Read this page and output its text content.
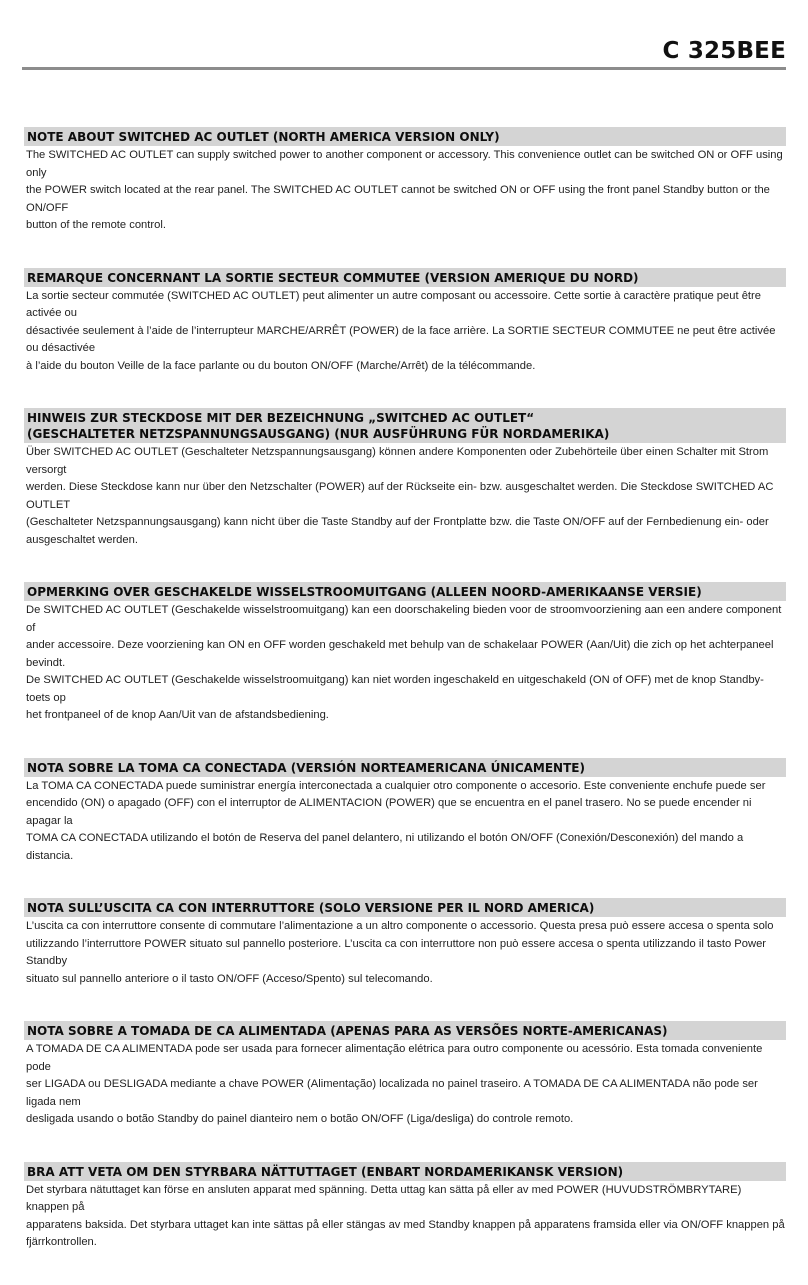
C 325BEE
NOTE ABOUT SWITCHED AC OUTLET (NORTH AMERICA VERSION ONLY)
The SWITCHED AC OUTLET can supply switched power to another component or accessory. This convenience outlet can be switched ON or OFF using only
the POWER switch located at the rear panel. The SWITCHED AC OUTLET cannot be switched ON or OFF using the front panel Standby button or the ON/OFF
button of the remote control.
REMARQUE CONCERNANT LA SORTIE SECTEUR COMMUTEE (VERSION AMERIQUE DU NORD)
La sortie secteur commutée (SWITCHED AC OUTLET) peut alimenter un autre composant ou accessoire. Cette sortie à caractère pratique peut être activée ou
désactivée seulement à l’aide de l’interrupteur MARCHE/ARRÊT (POWER) de la face arrière. La SORTIE SECTEUR COMMUTEE ne peut être activée ou désactivée
à l’aide du bouton Veille de la face parlante ou du bouton ON/OFF (Marche/Arrêt) de la télécommande.
HINWEIS ZUR STECKDOSE MIT DER BEZEICHNUNG „SWITCHED AC OUTLET“
(GESCHALTETER NETZSPANNUNGSAUSGANG) (NUR AUSFÜHRUNG FÜR NORDAMERIKA)
Über SWITCHED AC OUTLET (Geschalteter Netzspannungsausgang) können andere Komponenten oder Zubehörteile über einen Schalter mit Strom versorgt
werden. Diese Steckdose kann nur über den Netzschalter (POWER) auf der Rückseite ein- bzw. ausgeschaltet werden. Die Steckdose SWITCHED AC OUTLET
(Geschalteter Netzspannungsausgang) kann nicht über die Taste Standby auf der Frontplatte bzw. die Taste ON/OFF auf der Fernbedienung ein- oder
ausgeschaltet werden.
OPMERKING OVER GESCHAKELDE WISSELSTROOMUITGANG (ALLEEN NOORD-AMERIKAANSE VERSIE)
De SWITCHED AC OUTLET (Geschakelde wisselstroomuitgang) kan een doorschakeling bieden voor de stroomvoorziening aan een andere component of
ander accessoire. Deze voorziening kan ON en OFF worden geschakeld met behulp van de schakelaar POWER (Aan/Uit) die zich op het achterpaneel bevindt.
De SWITCHED AC OUTLET (Geschakelde wisselstroomuitgang) kan niet worden ingeschakeld en uitgeschakeld (ON of OFF) met de knop Standby-toets op
het frontpaneel of de knop Aan/Uit van de afstandsbediening.
NOTA SOBRE LA TOMA CA CONECTADA (VERSIÓN NORTEAMERICANA ÚNICAMENTE)
La TOMA CA CONECTADA puede suministrar energía interconectada a cualquier otro componente o accesorio. Este conveniente enchufe puede ser
encendido (ON) o apagado (OFF) con el interruptor de ALIMENTACION (POWER) que se encuentra en el panel trasero. No se puede encender ni apagar la
TOMA CA CONECTADA utilizando el botón de Reserva del panel delantero, ni utilizando el botón ON/OFF (Conexión/Desconexión) del mando a distancia.
NOTA SULL’USCITA CA CON INTERRUTTORE (SOLO VERSIONE PER IL NORD AMERICA)
L’uscita ca con interruttore consente di commutare l’alimentazione a un altro componente o accessorio. Questa presa può essere accesa o spenta solo
utilizzando l’interruttore POWER situato sul pannello posteriore. L’uscita ca con interruttore non può essere accesa o spenta utilizzando il tasto Power Standby
situato sul pannello anteriore o il tasto ON/OFF (Acceso/Spento) sul telecomando.
NOTA SOBRE A TOMADA DE CA ALIMENTADA (APENAS PARA AS VERSÕES NORTE-AMERICANAS)
A TOMADA DE CA ALIMENTADA pode ser usada para fornecer alimentação elétrica para outro componente ou acessório. Esta tomada conveniente pode
ser LIGADA ou DESLIGADA mediante a chave POWER (Alimentação) localizada no painel traseiro. A TOMADA DE CA ALIMENTADA não pode ser ligada nem
desligada usando o botão Standby do painel dianteiro nem o botão ON/OFF (Liga/desliga) do controle remoto.
BRA ATT VETA OM DEN STYRBARA NÄTTUTTAGET (ENBART NORDAMERIKANSK VERSION)
Det styrbara nätuttaget kan förse en ansluten apparat med spänning. Detta uttag kan sätta på eller av med POWER (HUVUDSTRÖMBRYTARE) knappen på
apparatens baksida. Det styrbara uttaget kan inte sättas på eller stängas av med Standby knappen på apparatens framsida eller via ON/OFF knappen på
fjärrkontrollen.
